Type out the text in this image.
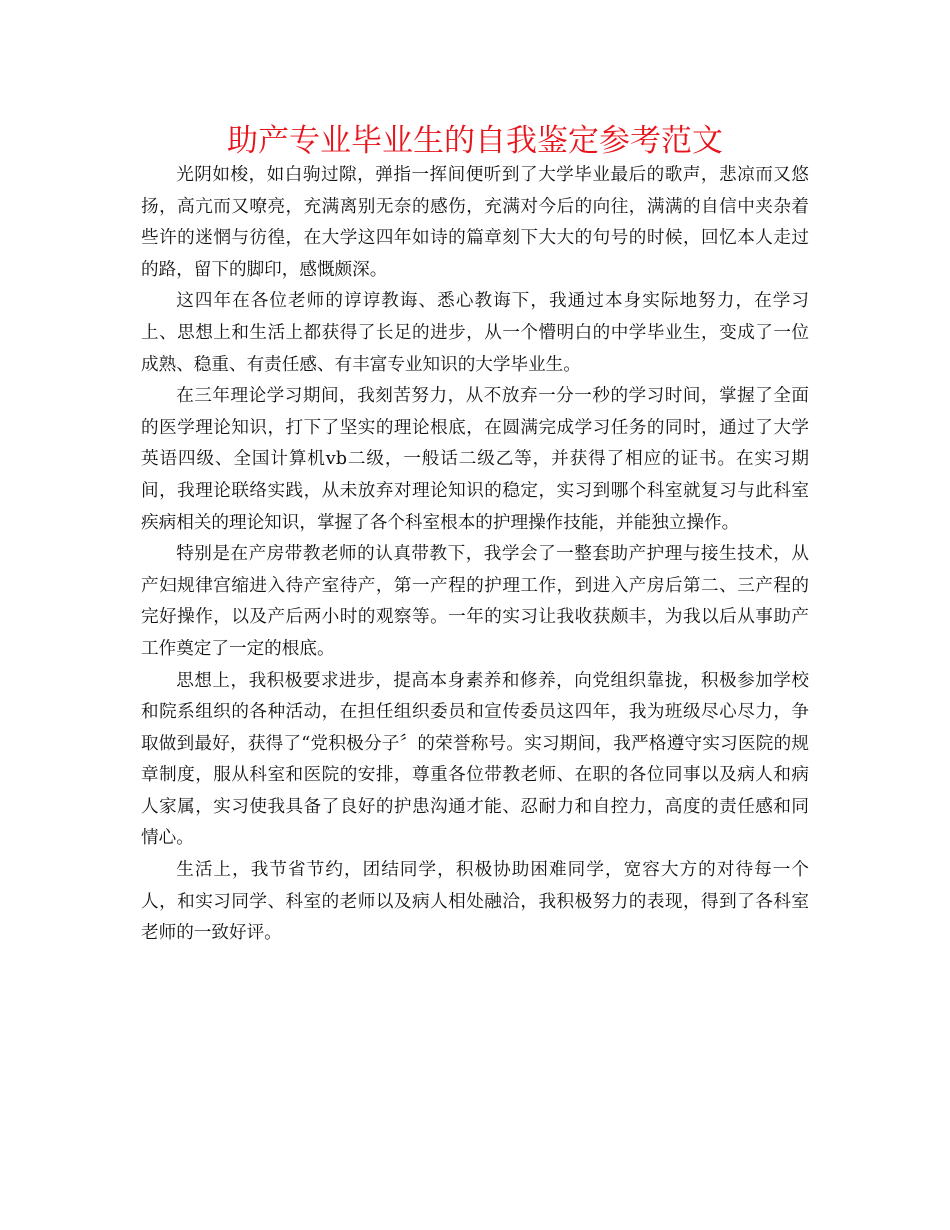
助产专业毕业生的自我鉴定参考范文

光阴如梭，如白驹过隙，弹指一挥间便听到了大学毕业最后的歌声，悲凉而又悠扬，高亢而又嘹亮，充满离别无奈的感伤，充满对今后的向往，满满的自信中夹杂着些许的迷惘与彷徨，在大学这四年如诗的篇章刻下大大的句号的时候，回忆本人走过的路，留下的脚印，感慨颇深。

这四年在各位老师的谆谆教诲、悉心教诲下，我通过本身实际地努力，在学习上、思想上和生活上都获得了长足的进步，从一个懵明白的中学毕业生，变成了一位成熟、稳重、有责任感、有丰富专业知识的大学毕业生。

在三年理论学习期间，我刻苦努力，从不放弃一分一秒的学习时间，掌握了全面的医学理论知识，打下了坚实的理论根底，在圆满完成学习任务的同时，通过了大学英语四级、全国计算机vb二级，一般话二级乙等，并获得了相应的证书。在实习期间，我理论联络实践，从未放弃对理论知识的稳定，实习到哪个科室就复习与此科室疾病相关的理论知识，掌握了各个科室根本的护理操作技能，并能独立操作。

特别是在产房带教老师的认真带教下，我学会了一整套助产护理与接生技术，从产妇规律宫缩进入待产室待产，第一产程的护理工作，到进入产房后第二、三产程的完好操作，以及产后两小时的观察等。一年的实习让我收获颇丰，为我以后从事助产工作奠定了一定的根底。

思想上，我积极要求进步，提高本身素养和修养，向党组织靠拢，积极参加学校和院系组织的各种活动，在担任组织委员和宣传委员这四年，我为班级尽心尽力，争取做到最好，获得了“党积极分子〞的荣誉称号。实习期间，我严格遵守实习医院的规章制度，服从科室和医院的安排，尊重各位带教老师、在职的各位同事以及病人和病人家属，实习使我具备了良好的护患沟通才能、忍耐力和自控力，高度的责任感和同情心。

生活上，我节省节约，团结同学，积极协助困难同学，宽容大方的对待每一个人，和实习同学、科室的老师以及病人相处融洽，我积极努力的表现，得到了各科室老师的一致好评。
